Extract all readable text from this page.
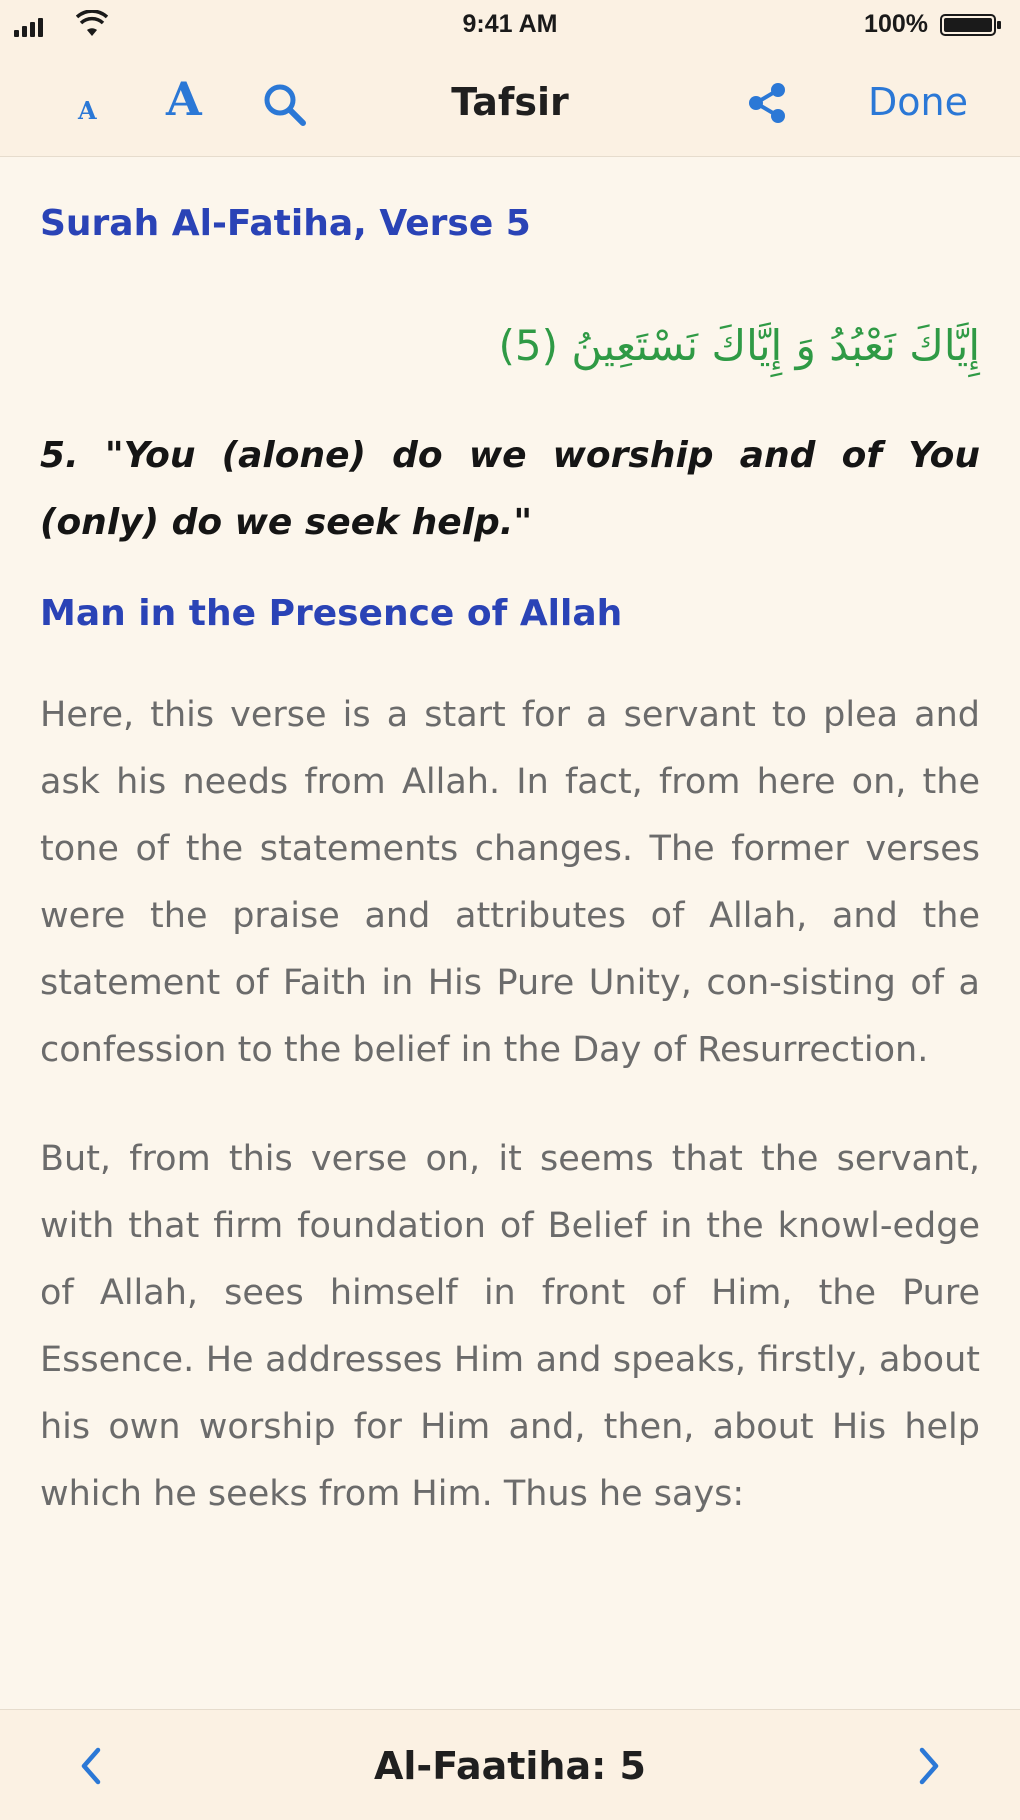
9:41 AM	100%
A A	Tafsir	Done
Surah Al-Fatiha, Verse 5
إِيَّاكَ نَعْبُدُ وَ إِيَّاكَ نَسْتَعِينُ (5)
5. "You (alone) do we worship and of You (only) do we seek help."
Man in the Presence of Allah
Here, this verse is a start for a servant to plea and ask his needs from Allah. In fact, from here on, the tone of the statements changes. The former verses were the praise and attributes of Allah, and the statement of Faith in His Pure Unity, con-sisting of a confession to the belief in the Day of Resurrection.
But, from this verse on, it seems that the servant, with that firm foundation of Belief in the knowl-edge of Allah, sees himself in front of Him, the Pure Essence. He addresses Him and speaks, firstly, about his own worship for Him and, then, about His help which he seeks from Him. Thus he says:
Al-Faatiha: 5
